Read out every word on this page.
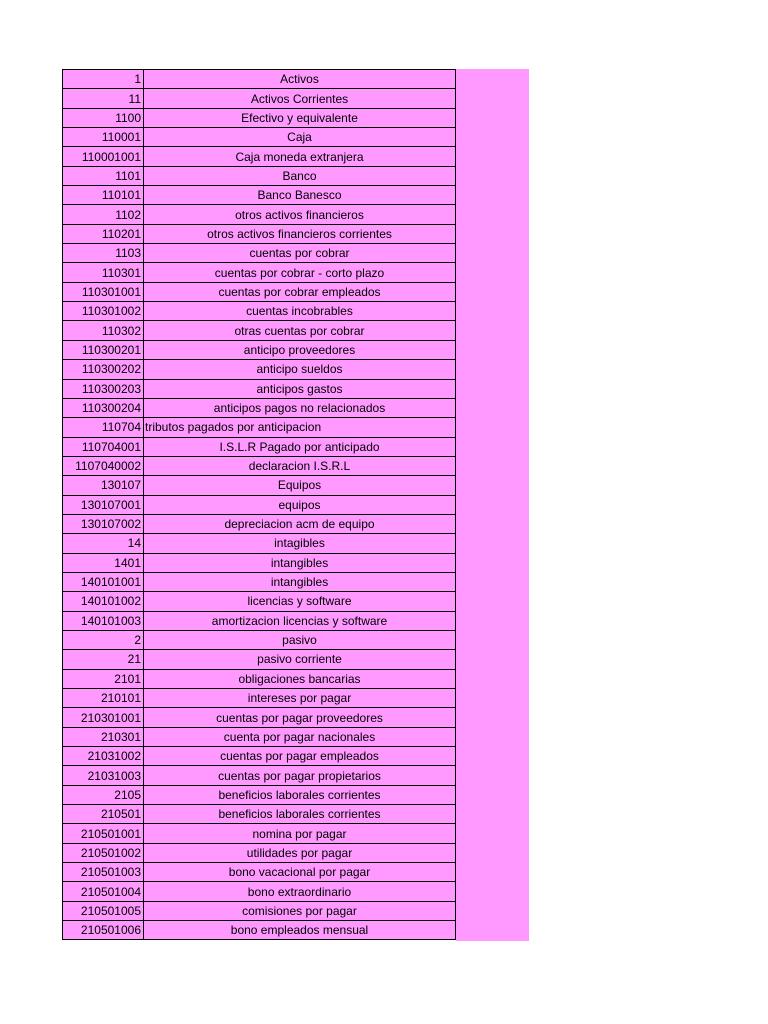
1	Activos
11	Activos Corrientes
1100	Efectivo y equivalente
110001	Caja
110001001	Caja moneda extranjera
1101	Banco
110101	Banco Banesco
1102	otros activos financieros
110201	otros activos financieros corrientes
1103	cuentas por cobrar
110301	cuentas por cobrar - corto plazo
110301001	cuentas por cobrar empleados
110301002	cuentas incobrables
110302	otras cuentas por cobrar
110300201	anticipo proveedores
110300202	anticipo sueldos
110300203	anticipos gastos
110300204	anticipos pagos no relacionados
110704	tributos pagados por anticipacion
110704001	I.S.L.R Pagado por anticipado
1107040002	declaracion I.S.R.L
130107	Equipos
130107001	equipos
130107002	depreciacion acm de equipo
14	intagibles
1401	intangibles
140101001	intangibles
140101002	licencias y software
140101003	amortizacion licencias y software
2	pasivo
21	pasivo corriente
2101	obligaciones bancarias
210101	intereses por pagar
210301001	cuentas por pagar proveedores
210301	cuenta por pagar nacionales
21031002	cuentas por pagar empleados
21031003	cuentas por pagar propietarios
2105	beneficios laborales corrientes
210501	beneficios laborales corrientes
210501001	nomina por pagar
210501002	utilidades por pagar
210501003	bono vacacional por pagar
210501004	bono extraordinario
210501005	comisiones por pagar
210501006	bono empleados mensual
